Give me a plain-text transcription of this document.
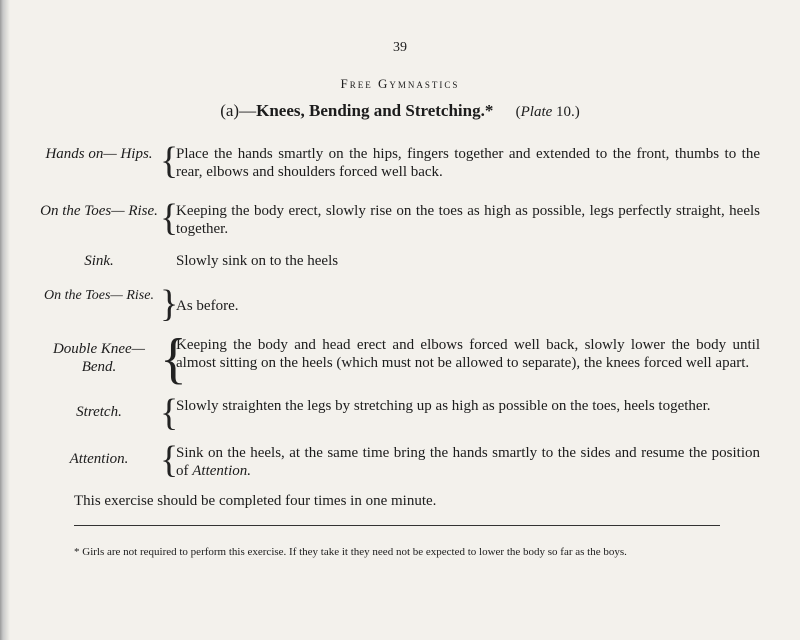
39
Free Gymnastics
(a)—Knees, Bending and Stretching.* (Plate 10.)
Hands on— Hips. {
Place the hands smartly on the hips, fingers together and extended to the front, thumbs to the rear, elbows and shoulders forced well back.
On the Toes— Rise. {
Keeping the body erect, slowly rise on the toes as high as possible, legs perfectly straight, heels together.
Sink.	Slowly sink on to the heels
On the Toes— Rise. }
As before.
Double Knee— Bend. {
Keeping the body and head erect and elbows forced well back, slowly lower the body until almost sitting on the heels (which must not be allowed to separate), the knees forced well apart.
Stretch.	{
Slowly straighten the legs by stretching up as high as possible on the toes, heels together.
Attention. {
Sink on the heels, at the same time bring the hands smartly to the sides and resume the position of Attention.
This exercise should be completed four times in one minute.
* Girls are not required to perform this exercise. If they take it they need not be expected to lower the body so far as the boys.
